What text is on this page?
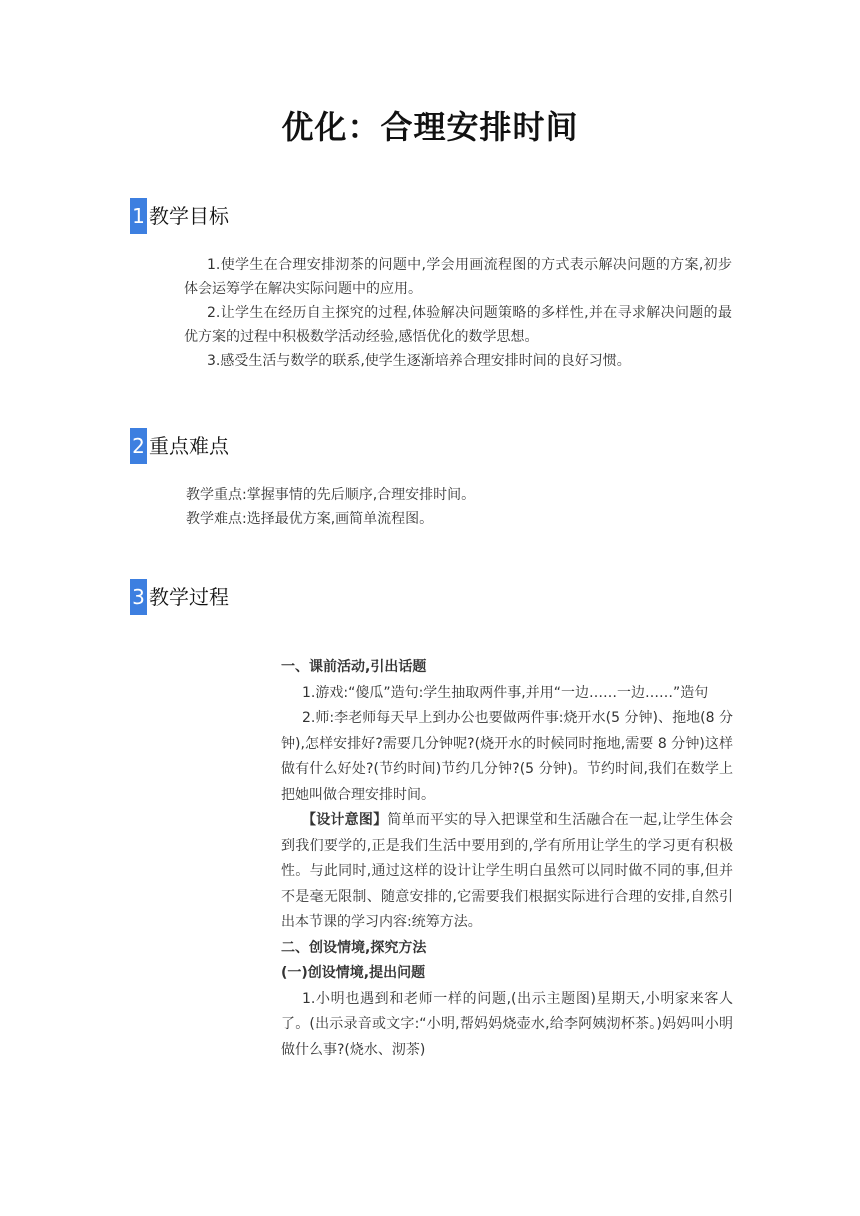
优化：合理安排时间
1 教学目标

1.使学生在合理安排沏茶的问题中,学会用画流程图的方式表示解决问题的方案,初步体会运筹学在解决实际问题中的应用。

2.让学生在经历自主探究的过程,体验解决问题策略的多样性,并在寻求解决问题的最优方案的过程中积极数学活动经验,感悟优化的数学思想。

3.感受生活与数学的联系,使学生逐渐培养合理安排时间的良好习惯。

2 重点难点

教学重点:掌握事情的先后顺序,合理安排时间。

教学难点:选择最优方案,画简单流程图。

3 教学过程

一、课前活动,引出话题

1.游戏:“傻瓜”造句:学生抽取两件事,并用“一边……一边……”造句

2.师:李老师每天早上到办公也要做两件事:烧开水(5 分钟)、拖地(8 分钟),怎样安排好?需要几分钟呢?(烧开水的时候同时拖地,需要 8 分钟)这样做有什么好处?(节约时间)节约几分钟?(5 分钟)。节约时间,我们在数学上把她叫做合理安排时间。

【设计意图】简单而平实的导入把课堂和生活融合在一起,让学生体会到我们要学的,正是我们生活中要用到的,学有所用让学生的学习更有积极性。与此同时,通过这样的设计让学生明白虽然可以同时做不同的事,但并不是毫无限制、随意安排的,它需要我们根据实际进行合理的安排,自然引出本节课的学习内容:统筹方法。

二、创设情境,探究方法

(一)创设情境,提出问题

1.小明也遇到和老师一样的问题,(出示主题图)星期天,小明家来客人了。(出示录音或文字:“小明,帮妈妈烧壶水,给李阿姨沏杯茶。)妈妈叫小明做什么事?(烧水、沏茶)
